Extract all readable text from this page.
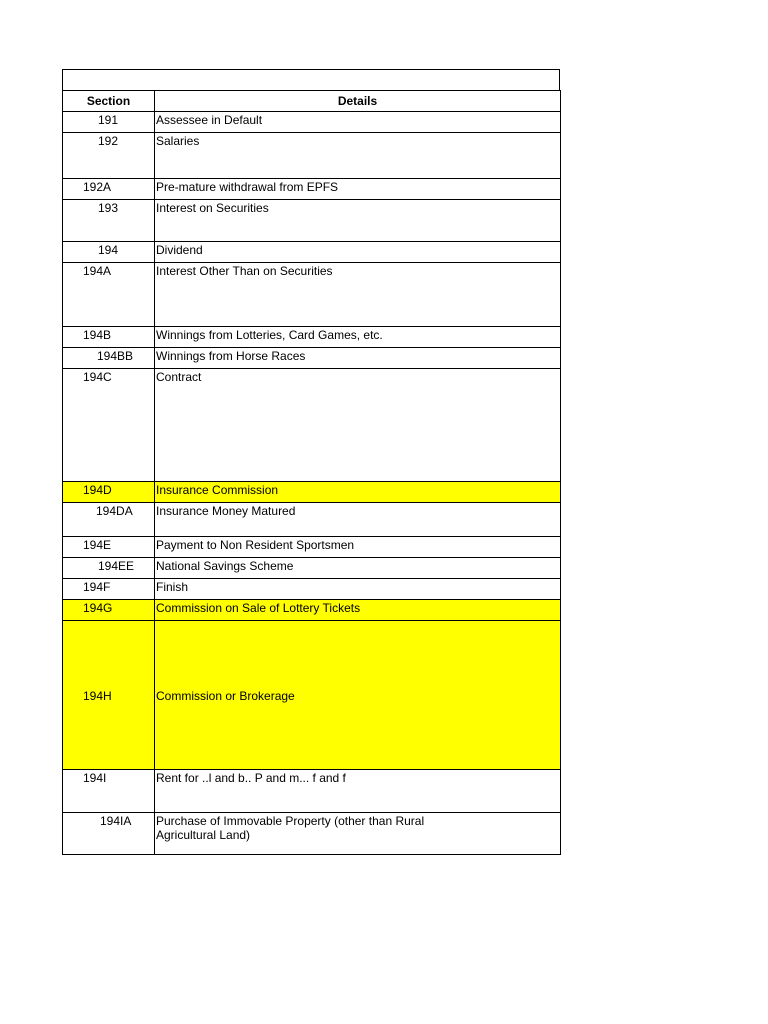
Section	Details
191	Assessee in Default
192	Salaries
192A	Pre-mature withdrawal from EPFS
193	Interest on Securities
194	Dividend
194A	Interest Other Than on Securities
194B	Winnings from Lotteries, Card Games, etc.
194BB	Winnings from Horse Races
194C	Contract
194D	Insurance Commission
194DA	Insurance Money Matured
194E	Payment to Non Resident Sportsmen
194EE	National Savings Scheme
194F	Finish
194G	Commission on Sale of Lottery Tickets
194H	Commission or Brokerage
194I	Rent for ..l and b.. P and m... f and f
194IA	Purchase of Immovable Property (other than Rural Agricultural Land)
